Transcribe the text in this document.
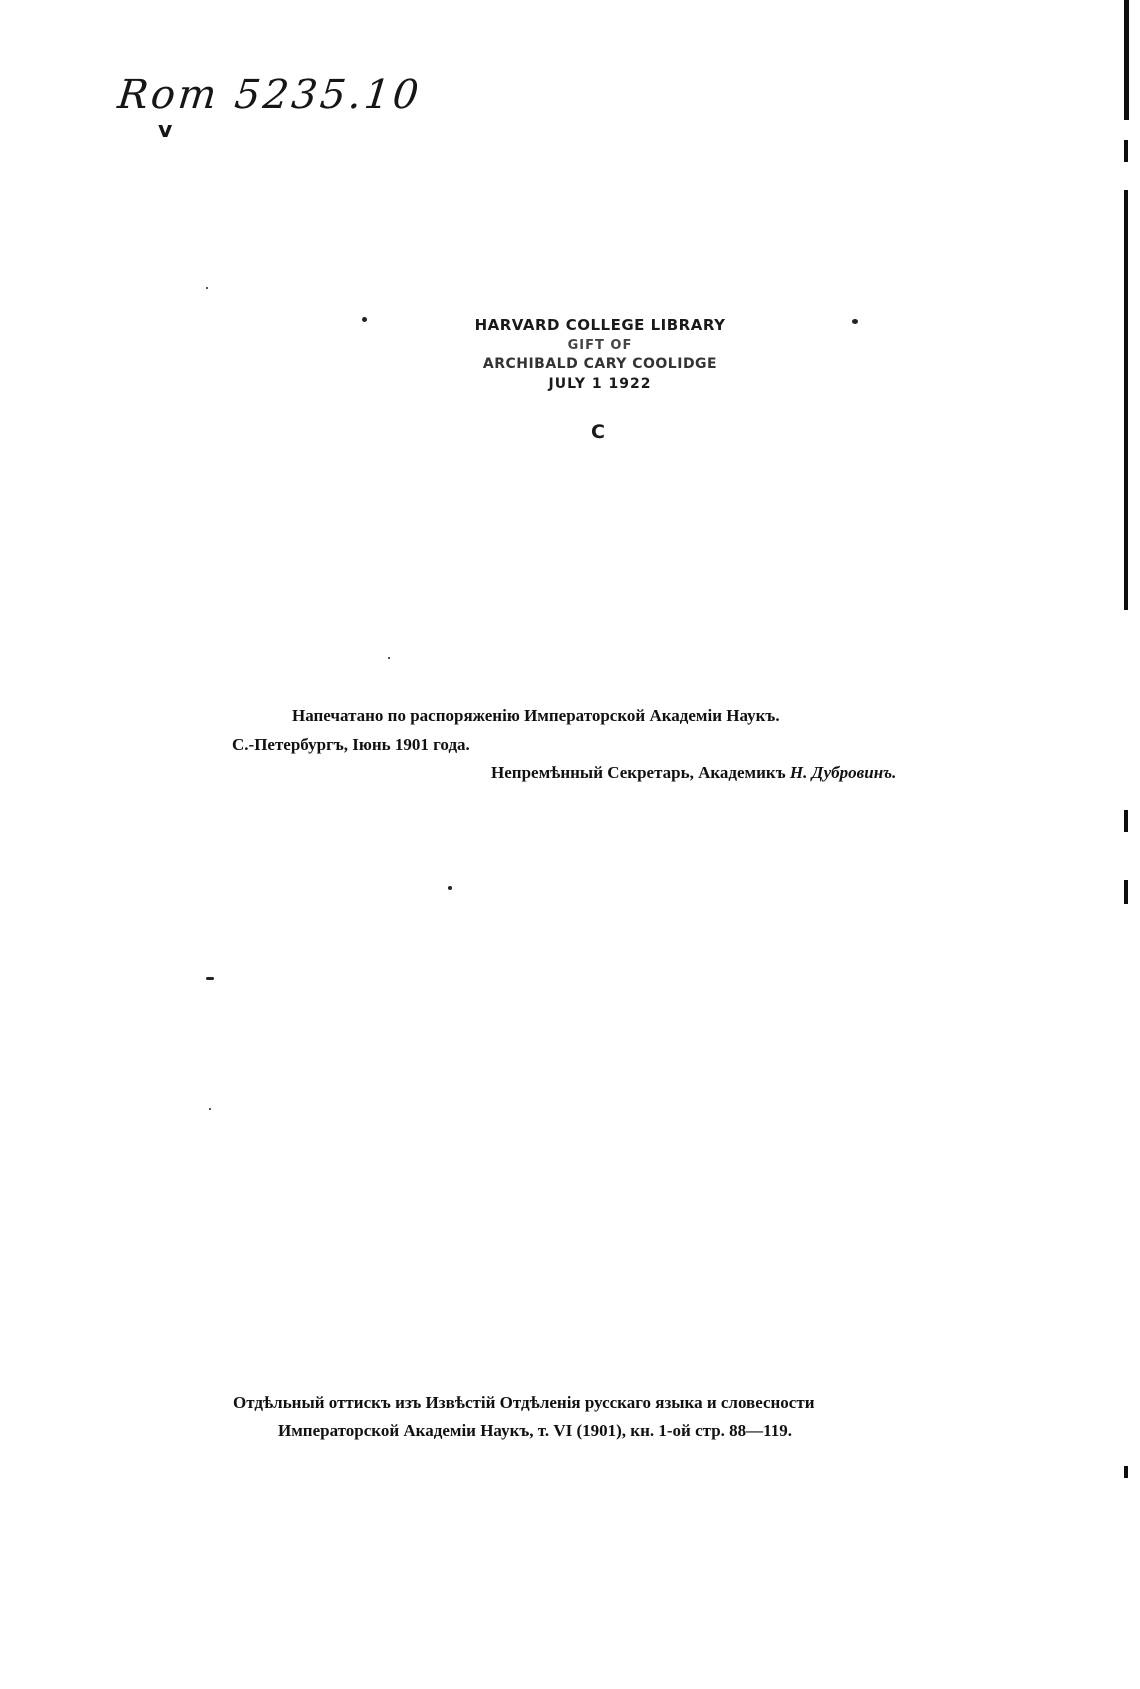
Rom 5235.10
v
HARVARD COLLEGE LIBRARY
GIFT OF
ARCHIBALD CARY COOLIDGE
JULY 1 1922
C
Напечатано по распоряженію Императорской Академіи Наукъ.
С.-Петербургъ, Іюнь 1901 года.
Непремѣнный Секретарь, Академикъ Н. Дубровинъ.
Отдѣльный оттискъ изъ Извѣстій Отдѣленія русскаго языка и словесности
Императорской Академіи Наукъ, т. VI (1901), кн. 1-ой стр. 88—119.
